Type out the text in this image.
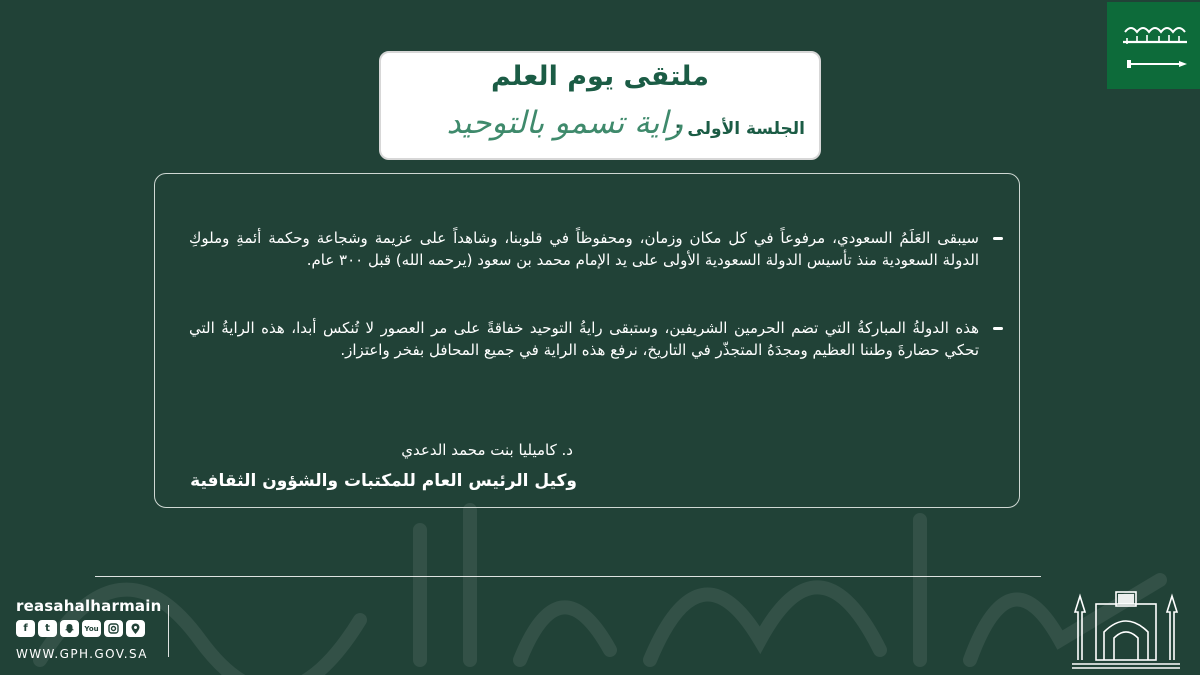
ملتقى يوم العلم
الجلسة الأولى :
راية تسمو بالتوحيد
سيبقى العَلَمُ السعودي، مرفوعاً في كل مكان وزمان، ومحفوظاً في قلوبنا، وشاهداً على عزيمة وشجاعة وحكمة أئمةِ وملوكِ الدولة السعودية منذ تأسيس الدولة السعودية الأولى على يد الإمام محمد بن سعود (يرحمه الله) قبل ٣٠٠ عام.
هذه الدولةُ المباركةُ التي تضم الحرمين الشريفين، وستبقى رايةُ التوحيد خفاقةً على مر العصور لا تُنكس أبدا، هذه الرايةُ التي تحكي حضارةَ وطننا العظيم ومجدَهُ المتجذّر في التاريخ، نرفع هذه الراية في جميع المحافل بفخر واعتزاز.
د. كاميليا بنت محمد الدعدي
وكيل الرئيس العام للمكتبات والشؤون الثقافية
reasahalharmain
f	t	You

WWW.GPH.GOV.SA
